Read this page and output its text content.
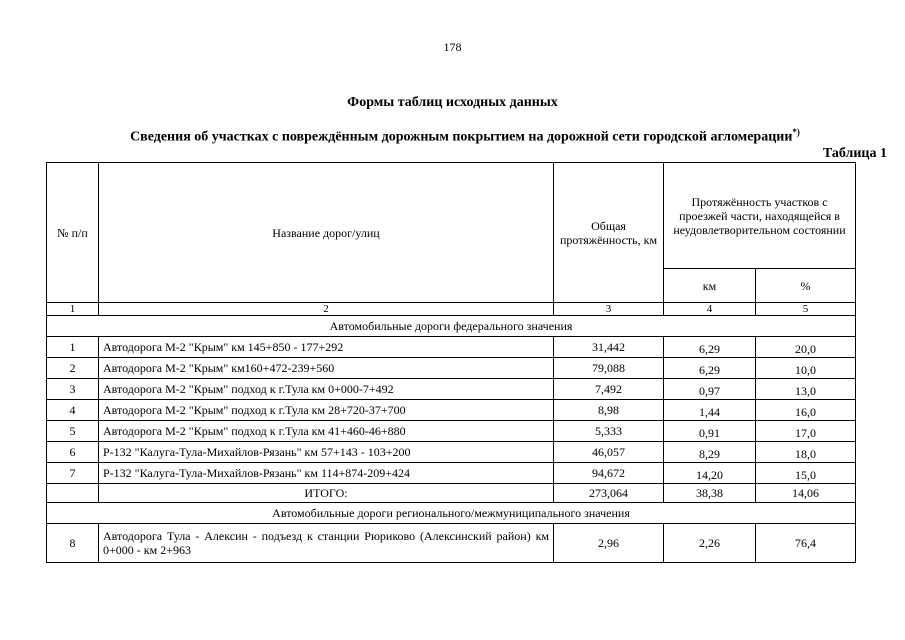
178
Формы таблиц исходных данных
Сведения об участках с повреждённым дорожным покрытием на дорожной сети городской агломерации*)
Таблица 1
№ п/п	Название дорог/улиц	Общая протяжённость, км	Протяжённость участков с проезжей части, находящейся в неудовлетворительном состоянии	
			км	%
1	2	3	4	5
Автомобильные дороги федерального значения				
1	Автодорога М-2 "Крым" км 145+850 - 177+292	31,442	6,29	20,0
2	Автодорога М-2 "Крым" км160+472-239+560	79,088	6,29	10,0
3	Автодорога М-2 "Крым" подход к г.Тула км 0+000-7+492	7,492	0,97	13,0
4	Автодорога М-2 "Крым" подход к г.Тула км 28+720-37+700	8,98	1,44	16,0
5	Автодорога М-2 "Крым" подход к г.Тула км 41+460-46+880	5,333	0,91	17,0
6	Р-132 "Калуга-Тула-Михайлов-Рязань" км 57+143 - 103+200	46,057	8,29	18,0
7	Р-132 "Калуга-Тула-Михайлов-Рязань" км 114+874-209+424	94,672	14,20	15,0
	ИТОГО:	273,064	38,38	14,06
Автомобильные дороги регионального/межмуниципального значения				
8	Автодорога Тула - Алексин - подъезд к станции Рюриково (Алексинский район) км 0+000 - км 2+963	2,96	2,26	76,4
